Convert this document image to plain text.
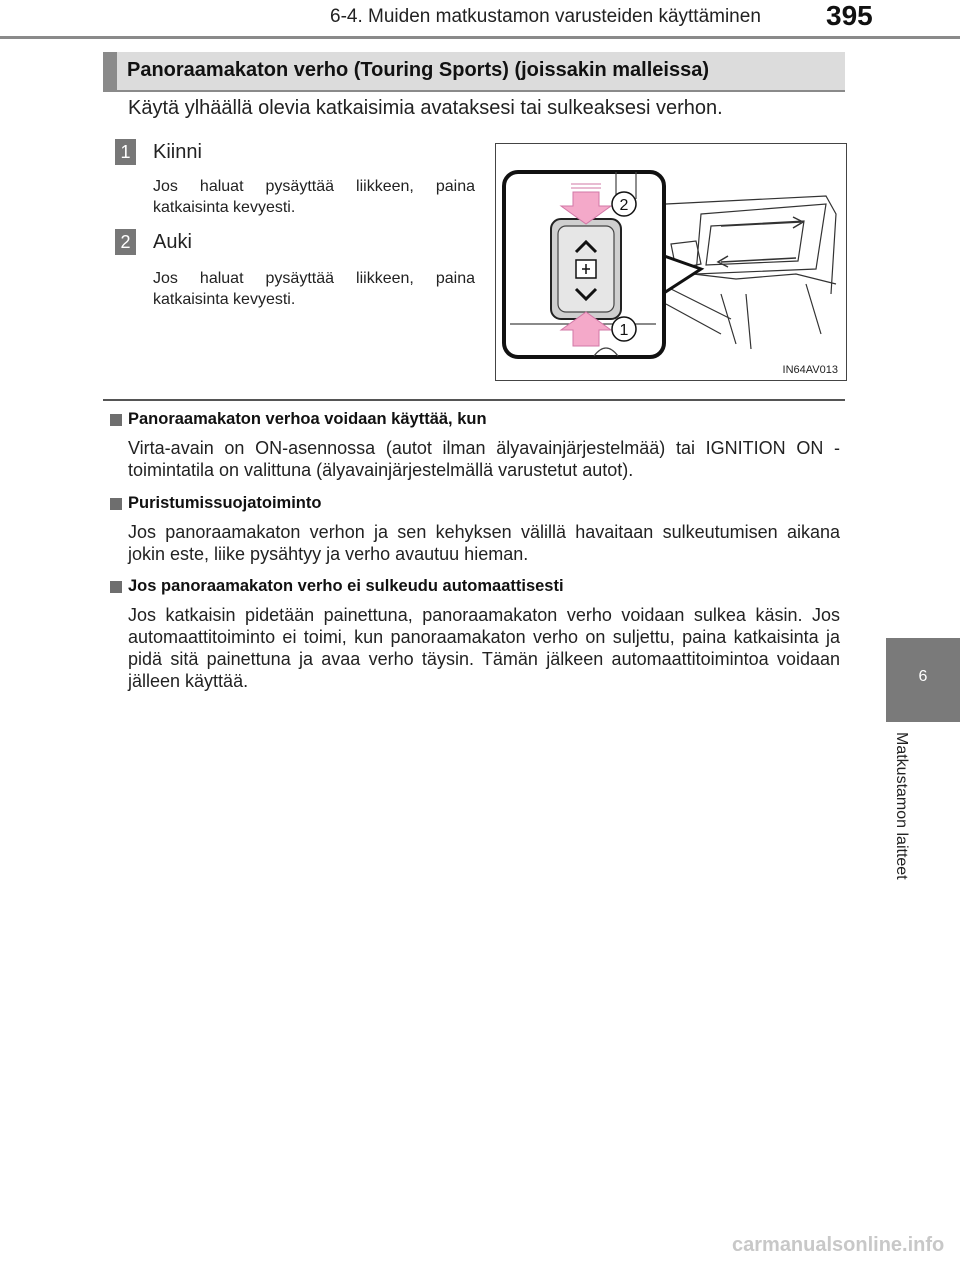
6-4. Muiden matkustamon varusteiden käyttäminen 395
Panoraamakaton verho (Touring Sports) (joissakin malleissa)
Käytä ylhäällä olevia katkaisimia avataksesi tai sulkeaksesi verhon.
1 Kiinni
Jos haluat pysäyttää liikkeen, paina katkaisinta kevyesti.
2 Auki
Jos haluat pysäyttää liikkeen, paina katkaisinta kevyesti.
2
1
IN64AV013
Panoraamakaton verhoa voidaan käyttää, kun
Virta-avain on ON-asennossa (autot ilman älyavainjärjestelmää) tai IGNITION ON -toimintatila on valittuna (älyavainjärjestelmällä varustetut autot).
Puristumissuojatoiminto
Jos panoraamakaton verhon ja sen kehyksen välillä havaitaan sulkeutumisen aikana jokin este, liike pysähtyy ja verho avautuu hieman.
Jos panoraamakaton verho ei sulkeudu automaattisesti
Jos katkaisin pidetään painettuna, panoraamakaton verho voidaan sulkea käsin. Jos automaattitoiminto ei toimi, kun panoraamakaton verho on suljettu, paina katkaisinta ja pidä sitä painettuna ja avaa verho täysin. Tämän jälkeen automaattitoimintoa voidaan jälleen käyttää.	6
Matkustamon laitteet
carmanualsonline.info
